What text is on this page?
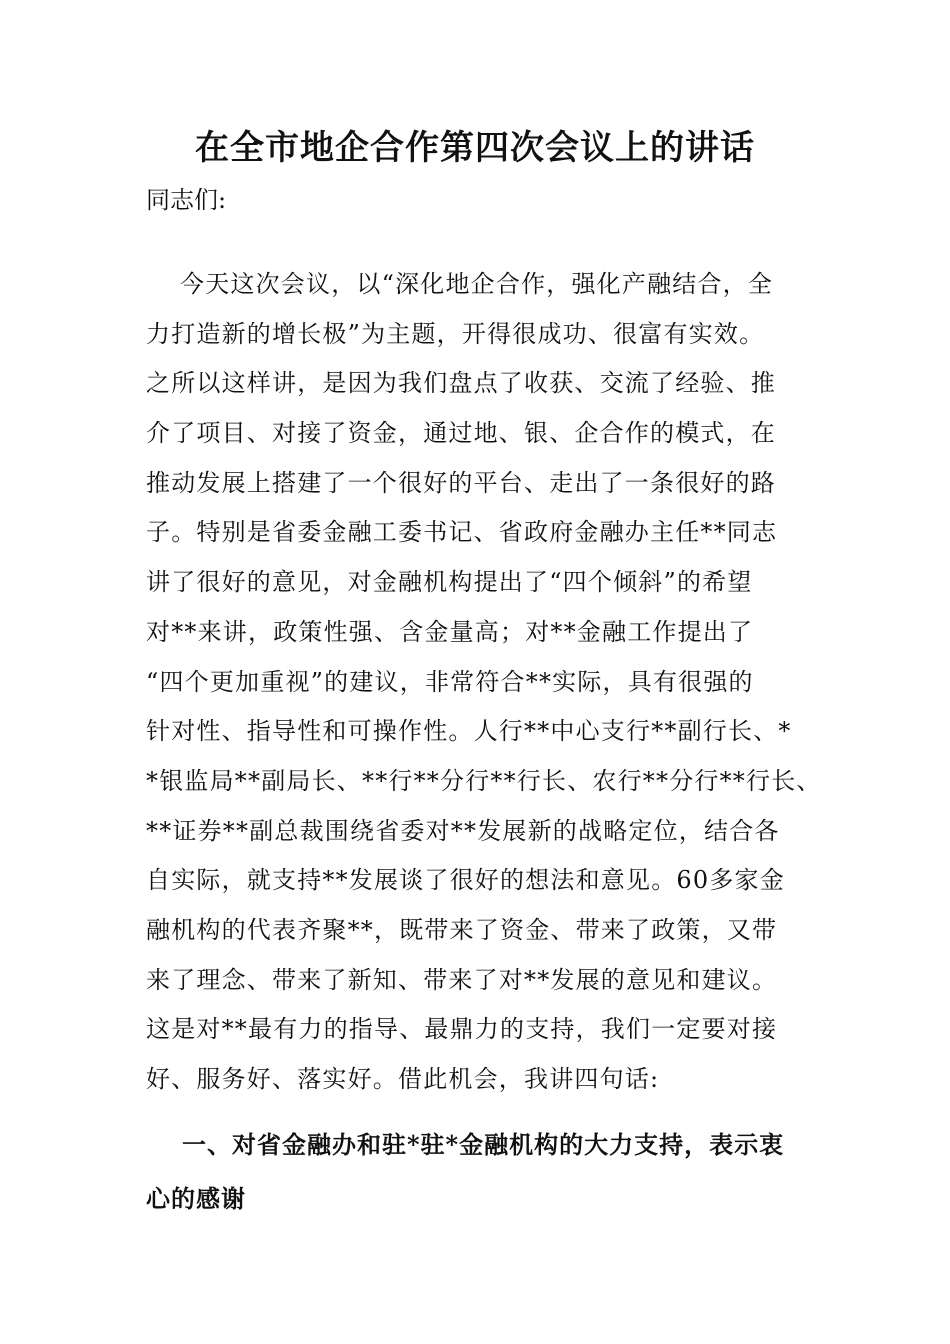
在全市地企合作第四次会议上的讲话

同志们:

今天这次会议，以“深化地企合作，强化产融结合，全
力打造新的增长极”为主题，开得很成功、很富有实效。
之所以这样讲，是因为我们盘点了收获、交流了经验、推
介了项目、对接了资金，通过地、银、企合作的模式，在
推动发展上搭建了一个很好的平台、走出了一条很好的路
子。特别是省委金融工委书记、省政府金融办主任**同志
讲了很好的意见，对金融机构提出了“四个倾斜”的希望
对**来讲，政策性强、含金量高；对**金融工作提出了
“四个更加重视”的建议，非常符合**实际，具有很强的
针对性、指导性和可操作性。人行**中心支行**副行长、*
*银监局**副局长、**行**分行**行长、农行**分行**行长、
**证券**副总裁围绕省委对**发展新的战略定位，结合各
自实际，就支持**发展谈了很好的想法和意见。60多家金
融机构的代表齐聚**，既带来了资金、带来了政策，又带
来了理念、带来了新知、带来了对**发展的意见和建议。
这是对**最有力的指导、最鼎力的支持，我们一定要对接
好、服务好、落实好。借此机会，我讲四句话:
一、对省金融办和驻*驻*金融机构的大力支持，表示衷
心的感谢
